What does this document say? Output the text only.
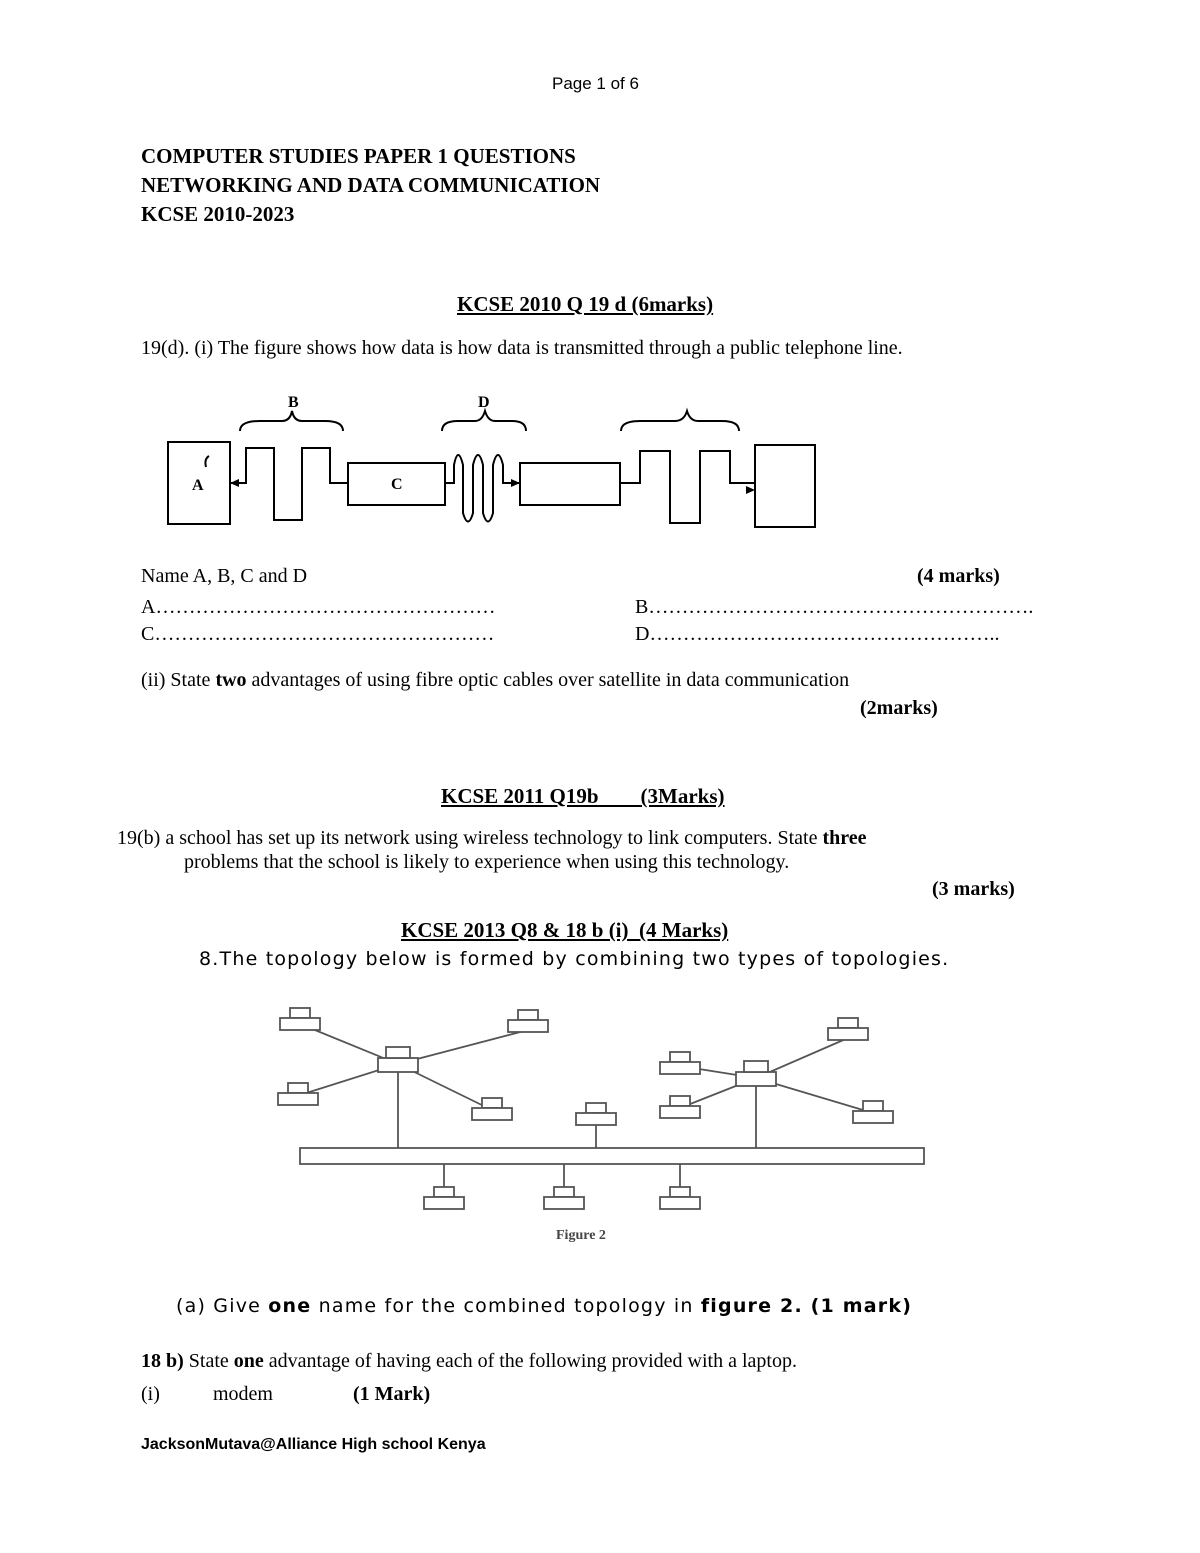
Page 1 of 6
COMPUTER STUDIES PAPER 1 QUESTIONS
NETWORKING AND DATA COMMUNICATION
KCSE 2010-2023
KCSE 2010 Q 19 d (6marks)
19(d). (i) The figure shows how data is how data is transmitted through a public telephone line.
B	D
A	C
Name A, B, C and D	(4 marks)
A……………………………………………	B………………………………………………….
C……………………………………………	D……………………………………………..
(ii) State two advantages of using fibre optic cables over satellite in data communication
(2marks)
KCSE 2011 Q19b (3Marks)
19(b) a school has set up its network using wireless technology to link computers. State three
problems that the school is likely to experience when using this technology.
(3 marks)
KCSE 2013 Q8 & 18 b (i)  (4 Marks)
8.The topology below is formed by combining two types of topologies.
Figure 2
(a) Give one name for the combined topology in figure 2. (1 mark)
18 b) State one advantage of having each of the following provided with a laptop.
(i)	modem	(1 Mark)
JacksonMutava@Alliance High school Kenya
